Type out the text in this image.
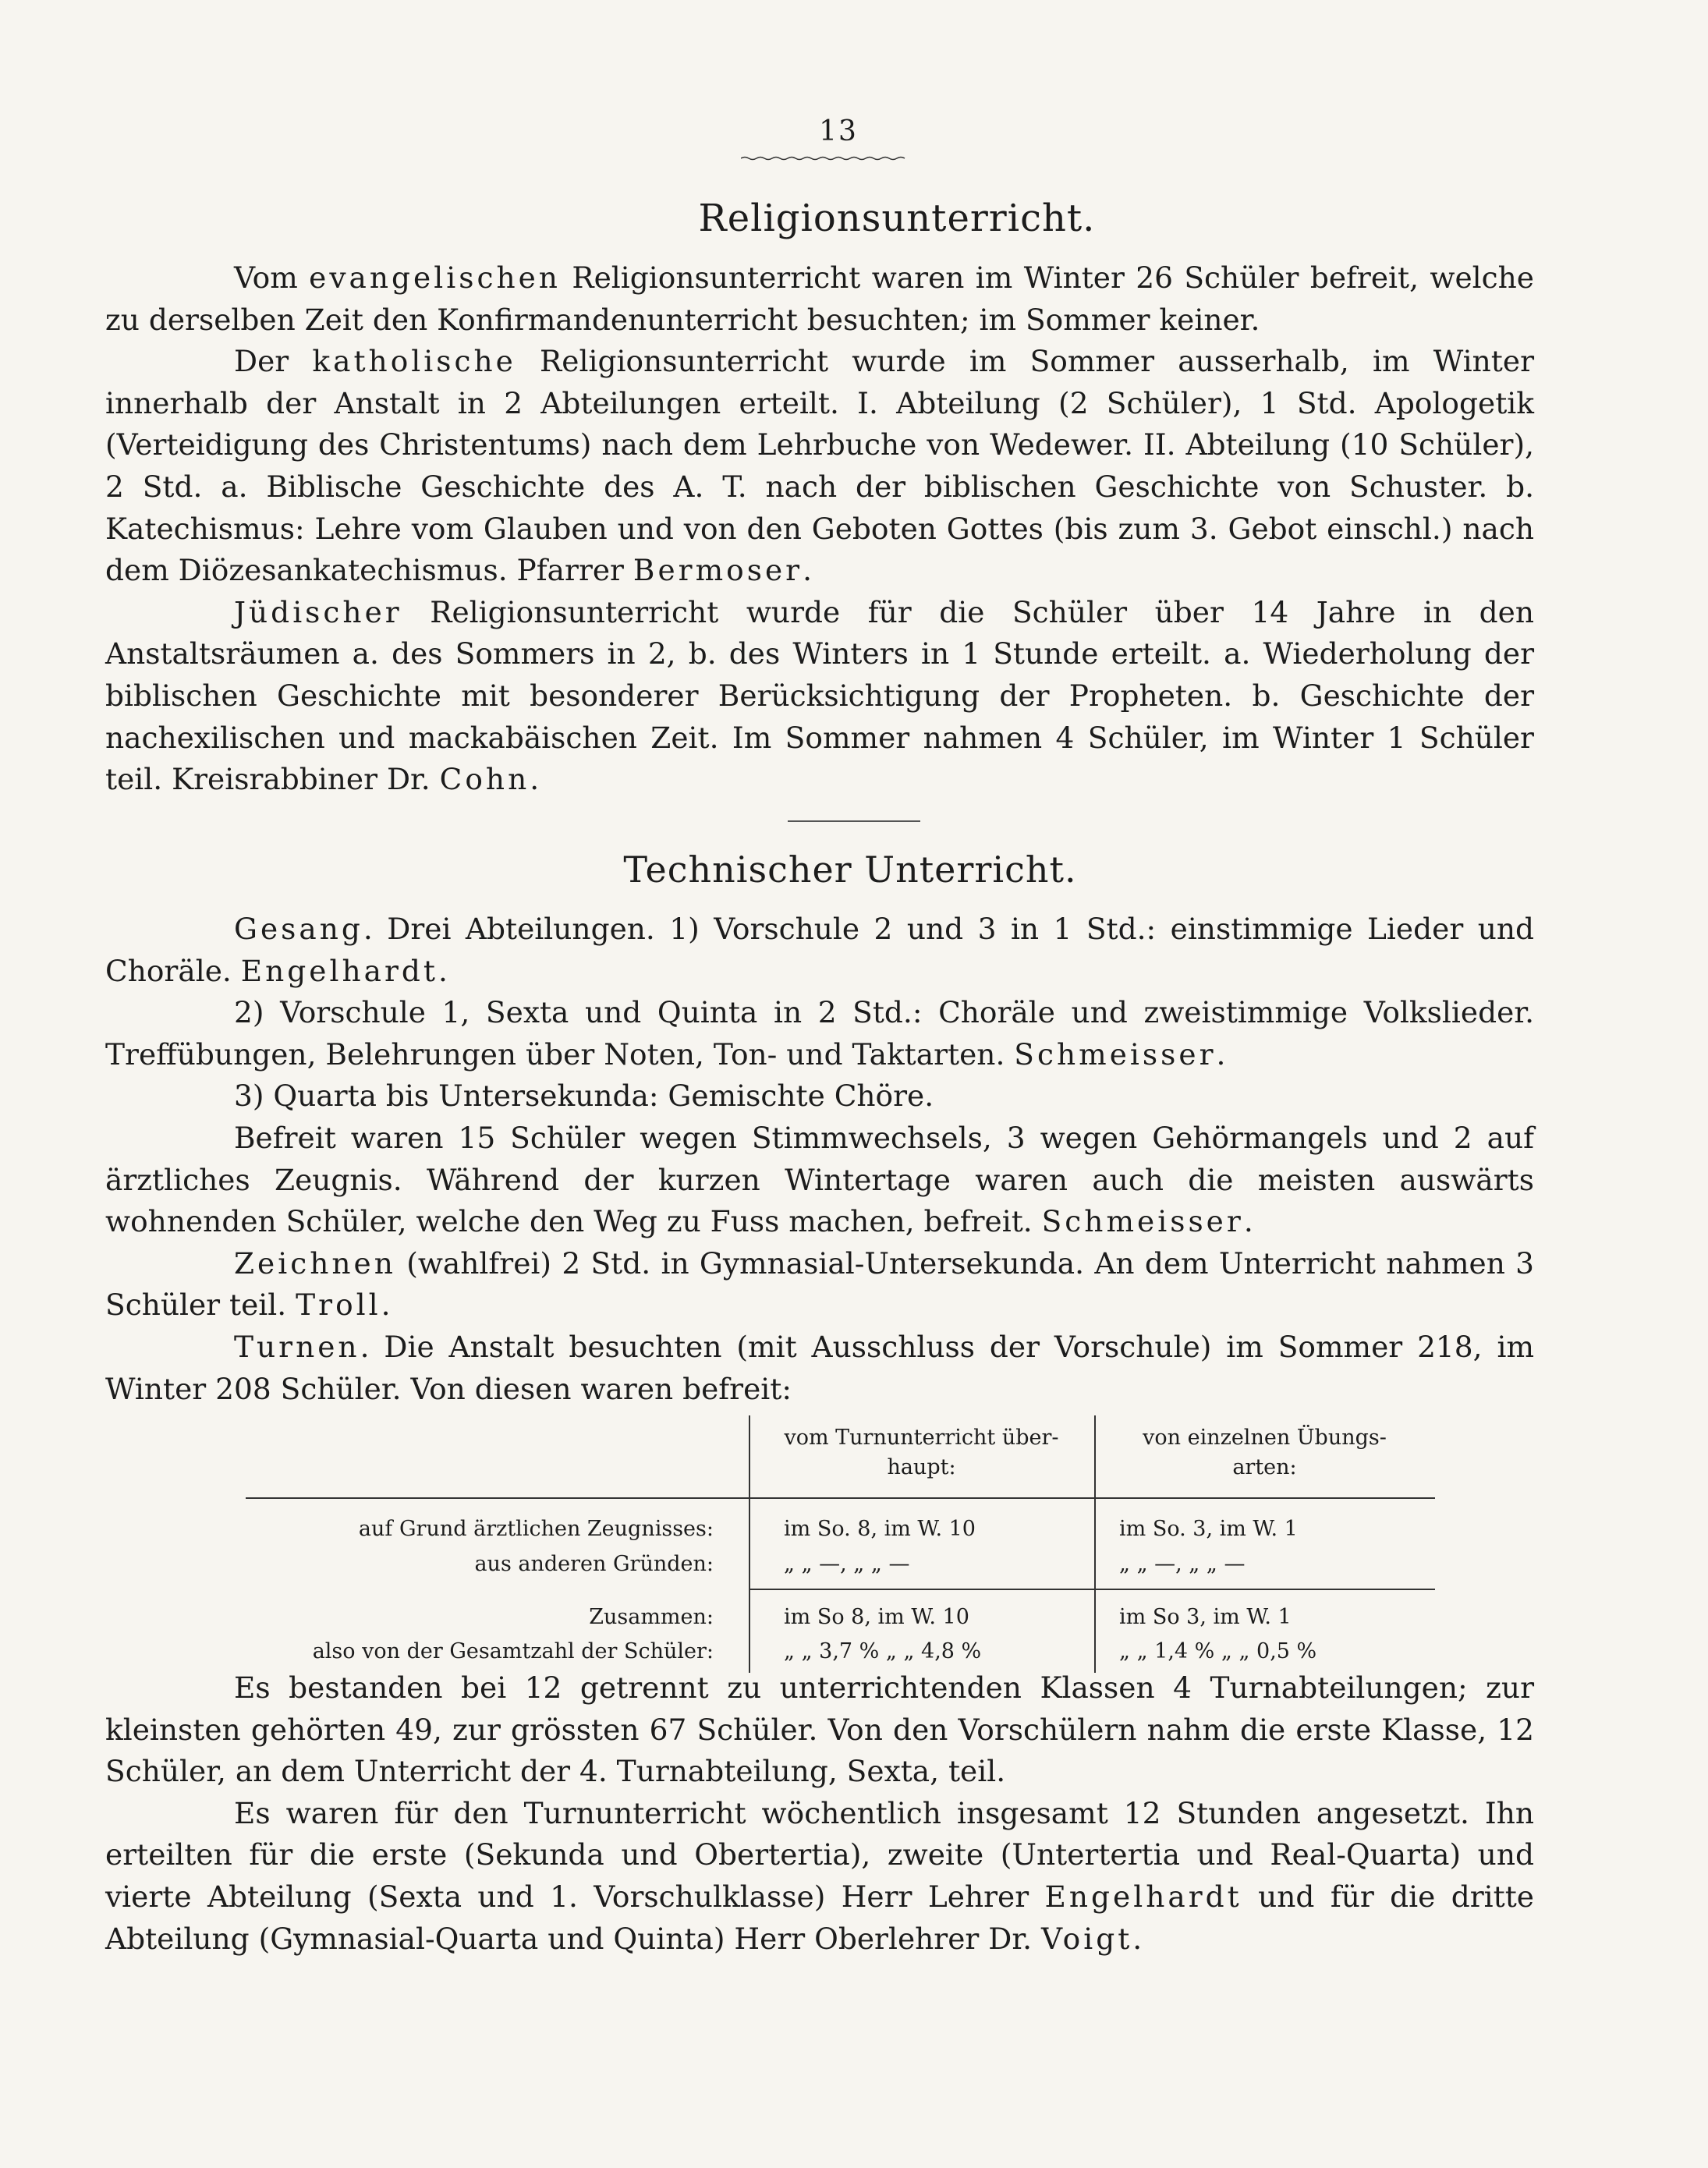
13
Religionsunterricht.

Vom evangelischen Religionsunterricht waren im Winter 26 Schüler befreit, welche zu derselben Zeit den Konfirmandenunterricht besuchten; im Sommer keiner.

Der katholische Religionsunterricht wurde im Sommer ausserhalb, im Winter innerhalb der Anstalt in 2 Abteilungen erteilt. I. Abteilung (2 Schüler), 1 Std. Apologetik (Verteidigung des Christentums) nach dem Lehrbuche von Wedewer. II. Abteilung (10 Schüler), 2 Std. a. Biblische Geschichte des A. T. nach der biblischen Geschichte von Schuster. b. Katechismus: Lehre vom Glauben und von den Geboten Gottes (bis zum 3. Gebot einschl.) nach dem Diözesankatechismus. Pfarrer Bermoser.

Jüdischer Religionsunterricht wurde für die Schüler über 14 Jahre in den Anstaltsräumen a. des Sommers in 2, b. des Winters in 1 Stunde erteilt. a. Wiederholung der biblischen Geschichte mit besonderer Berücksichtigung der Propheten. b. Geschichte der nachexilischen und mackabäischen Zeit. Im Sommer nahmen 4 Schüler, im Winter 1 Schüler teil. Kreisrabbiner Dr. Cohn.

Technischer Unterricht.

Gesang. Drei Abteilungen. 1) Vorschule 2 und 3 in 1 Std.: einstimmige Lieder und Choräle. Engelhardt.

2) Vorschule 1, Sexta und Quinta in 2 Std.: Choräle und zweistimmige Volkslieder. Treffübungen, Belehrungen über Noten, Ton- und Taktarten. Schmeisser.

3) Quarta bis Untersekunda: Gemischte Chöre.

Befreit waren 15 Schüler wegen Stimmwechsels, 3 wegen Gehörmangels und 2 auf ärztliches Zeugnis. Während der kurzen Wintertage waren auch die meisten auswärts wohnenden Schüler, welche den Weg zu Fuss machen, befreit. Schmeisser.

Zeichnen (wahlfrei) 2 Std. in Gymnasial-Untersekunda. An dem Unterricht nahmen 3 Schüler teil. Troll.

Turnen. Die Anstalt besuchten (mit Ausschluss der Vorschule) im Sommer 218, im Winter 208 Schüler. Von diesen waren befreit:

vom Turnunterricht über-
haupt:
von einzelnen Übungs-
arten:
auf Grund ärztlichen Zeugnisses:	im So. 8, im W. 10	im So. 3, im W. 1
aus anderen Gründen:	„ „ —, „ „ —	„ „ —, „ „ —
Zusammen:	im So 8, im W. 10	im So 3, im W. 1
also von der Gesamtzahl der Schüler:	„ „ 3,7 % „ „ 4,8 %	„ „ 1,4 % „ „ 0,5 %

Es bestanden bei 12 getrennt zu unterrichtenden Klassen 4 Turnabteilungen; zur kleinsten gehörten 49, zur grössten 67 Schüler. Von den Vorschülern nahm die erste Klasse, 12 Schüler, an dem Unterricht der 4. Turnabteilung, Sexta, teil.

Es waren für den Turnunterricht wöchentlich insgesamt 12 Stunden angesetzt. Ihn erteilten für die erste (Sekunda und Obertertia), zweite (Untertertia und Real-Quarta) und vierte Abteilung (Sexta und 1. Vorschulklasse) Herr Lehrer Engelhardt und für die dritte Abteilung (Gymnasial-Quarta und Quinta) Herr Oberlehrer Dr. Voigt.
